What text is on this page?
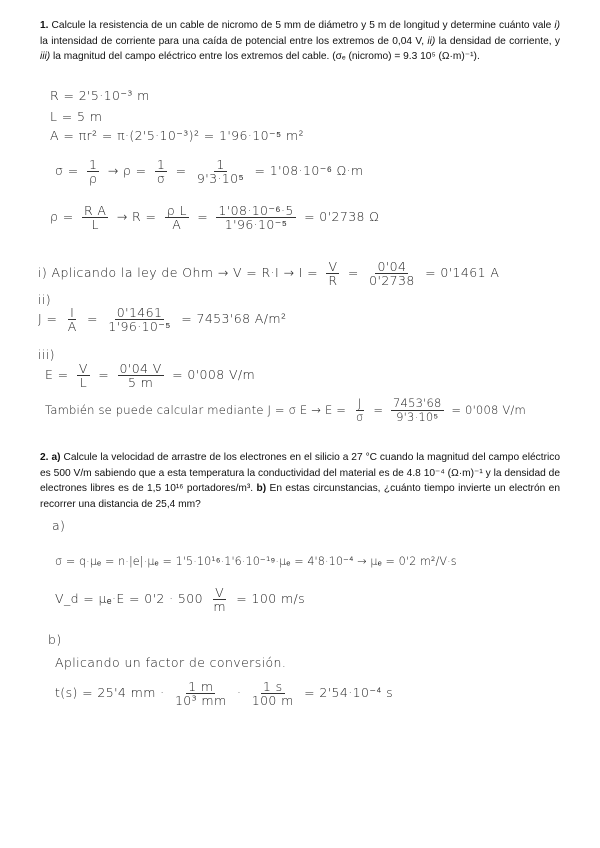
1. Calcule la resistencia de un cable de nicromo de 5 mm de diámetro y 5 m de longitud y determine cuánto vale i) la intensidad de corriente para una caída de potencial entre los extremos de 0,04 V, ii) la densidad de corriente, y iii) la magnitud del campo eléctrico entre los extremos del cable. (σₑ (nicromo) = 9.3 10⁵ (Ω·m)⁻¹).
R = 2'5·10⁻³ m
L = 5 m
A = πr² = π·(2'5·10⁻³)² = 1'96·10⁻⁵ m²
$\sigma = \frac{1}{\rho} \to \rho = \frac{1}{\sigma} = \frac{1}{\text{9'3·10⁵}} = 1'08\cdot 10^{-6}$ Ω·m
$\rho = \frac{\text{R A}}{L} \to R = \frac{\text{ρ L}}{A} = \frac{\text{1'08·10⁻⁶·5}}{\text{1'96·10⁻⁵}} = 0'2738$ Ω
i) Aplicando la ley de Ohm → $V = R\cdot I \to I = \frac{V}{R} = \frac{0'04}{0'2738} = 0'1461$ A
ii)
$J = \frac{I}{A} = \frac{0'1461}{\text{1'96·10⁻⁵}} = 7453'68$ A/m²
iii)
$E = \frac{V}{L} = \frac{0'04 V}{5 m} = 0'008$ V/m
También se puede calcular mediante J = σ $E \to E = \frac{J}{\sigma} = \frac{7453'68}{\text{9'3·10⁵}} = 0'008$ V/m
2. a) Calcule la velocidad de arrastre de los electrones en el silicio a 27 °C cuando la magnitud del campo eléctrico es 500 V/m sabiendo que a esta temperatura la conductividad del material es de 4.8 10⁻⁴ (Ω·m)⁻¹ y la densidad de electrones libres es de 1,5 10¹⁶ portadores/m³. b) En estas circunstancias, ¿cuánto tiempo invierte un electrón en recorrer una distancia de 25,4 mm?
a)
σ = q·μₑ = n·|e|·μₑ = 1'5·10¹⁶·1'6·10⁻¹⁹·μₑ = 4'8·10⁻⁴ → μₑ = 0'2 m²/V·s
V_d = $\mu_e\cdot E = 0'2 \cdot 500 \frac{V}{m} = 100$ m/s
b)
Aplicando un factor de conversión.
t(s) = 25'4 mm · $\frac{1 m}{\text{10³ mm}} \cdot \frac{1 s}{100 m} = 2'54\cdot 10^{-4}$ s
